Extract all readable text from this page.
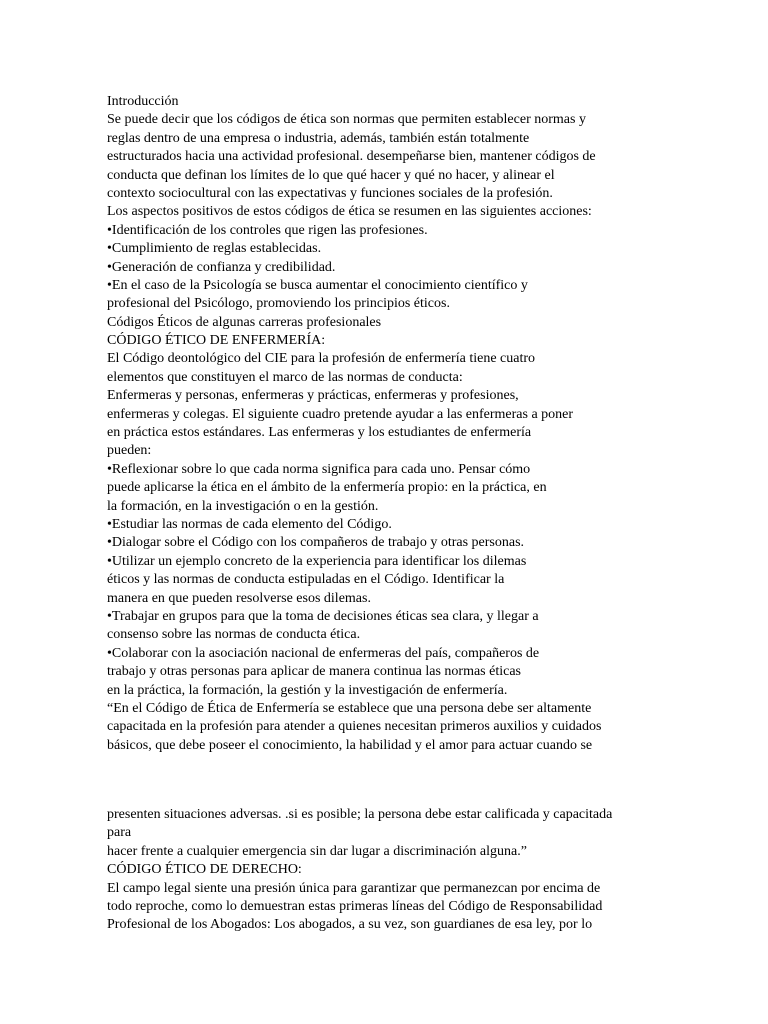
Introducción
Se puede decir que los códigos de ética son normas que permiten establecer normas y
reglas dentro de una empresa o industria, además, también están totalmente
estructurados hacia una actividad profesional. desempeñarse bien, mantener códigos de
conducta que definan los límites de lo que qué hacer y qué no hacer, y alinear el
contexto sociocultural con las expectativas y funciones sociales de la profesión.
Los aspectos positivos de estos códigos de ética se resumen en las siguientes acciones:
•Identificación de los controles que rigen las profesiones.
•Cumplimiento de reglas establecidas.
•Generación de confianza y credibilidad.
•En el caso de la Psicología se busca aumentar el conocimiento científico y
profesional del Psicólogo, promoviendo los principios éticos.
Códigos Éticos de algunas carreras profesionales
CÓDIGO ÉTICO DE ENFERMERÍA:
El Código deontológico del CIE para la profesión de enfermería tiene cuatro
elementos que constituyen el marco de las normas de conducta:
Enfermeras y personas, enfermeras y prácticas, enfermeras y profesiones,
enfermeras y colegas. El siguiente cuadro pretende ayudar a las enfermeras a poner
en práctica estos estándares. Las enfermeras y los estudiantes de enfermería
pueden:
•Reflexionar sobre lo que cada norma significa para cada uno. Pensar cómo
puede aplicarse la ética en el ámbito de la enfermería propio: en la práctica, en
la formación, en la investigación o en la gestión.
•Estudiar las normas de cada elemento del Código.
•Dialogar sobre el Código con los compañeros de trabajo y otras personas.
•Utilizar un ejemplo concreto de la experiencia para identificar los dilemas
éticos y las normas de conducta estipuladas en el Código. Identificar la
manera en que pueden resolverse esos dilemas.
•Trabajar en grupos para que la toma de decisiones éticas sea clara, y llegar a
consenso sobre las normas de conducta ética.
•Colaborar con la asociación nacional de enfermeras del país, compañeros de
trabajo y otras personas para aplicar de manera continua las normas éticas
en la práctica, la formación, la gestión y la investigación de enfermería.
“En el Código de Ética de Enfermería se establece que una persona debe ser altamente
capacitada en la profesión para atender a quienes necesitan primeros auxilios y cuidados
básicos, que debe poseer el conocimiento, la habilidad y el amor para actuar cuando se
presenten situaciones adversas. .si es posible; la persona debe estar calificada y capacitada
para
hacer frente a cualquier emergencia sin dar lugar a discriminación alguna.”
CÓDIGO ÉTICO DE DERECHO:
El campo legal siente una presión única para garantizar que permanezcan por encima de
todo reproche, como lo demuestran estas primeras líneas del Código de Responsabilidad
Profesional de los Abogados: Los abogados, a su vez, son guardianes de esa ley, por lo
